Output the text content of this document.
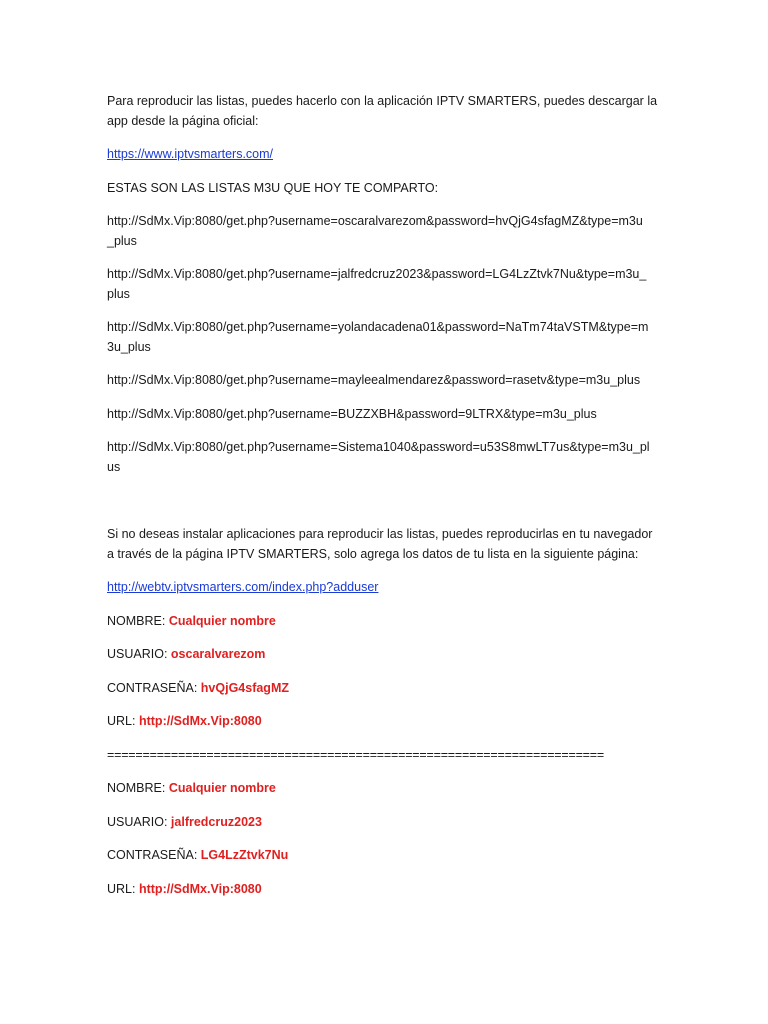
Para reproducir las listas, puedes hacerlo con la aplicación IPTV SMARTERS, puedes descargar la
app desde la página oficial:

https://www.iptvsmarters.com/

ESTAS SON LAS LISTAS M3U QUE HOY TE COMPARTO:

http://SdMx.Vip:8080/get.php?username=oscaralvarezom&password=hvQjG4sfagMZ&type=m3u
_plus

http://SdMx.Vip:8080/get.php?username=jalfredcruz2023&password=LG4LzZtvk7Nu&type=m3u_
plus

http://SdMx.Vip:8080/get.php?username=yolandacadena01&password=NaTm74taVSTM&type=m
3u_plus

http://SdMx.Vip:8080/get.php?username=mayleealmendarez&password=rasetv&type=m3u_plus

http://SdMx.Vip:8080/get.php?username=BUZZXBH&password=9LTRX&type=m3u_plus

http://SdMx.Vip:8080/get.php?username=Sistema1040&password=u53S8mwLT7us&type=m3u_pl
us

Si no deseas instalar aplicaciones para reproducir las listas, puedes reproducirlas en tu navegador
a través de la página IPTV SMARTERS, solo agrega los datos de tu lista en la siguiente página:

http://webtv.iptvsmarters.com/index.php?adduser

NOMBRE: Cualquier nombre

USUARIO: oscaralvarezom

CONTRASEÑA: hvQjG4sfagMZ

URL: http://SdMx.Vip:8080

======================================================================

NOMBRE: Cualquier nombre

USUARIO: jalfredcruz2023

CONTRASEÑA: LG4LzZtvk7Nu

URL: http://SdMx.Vip:8080
